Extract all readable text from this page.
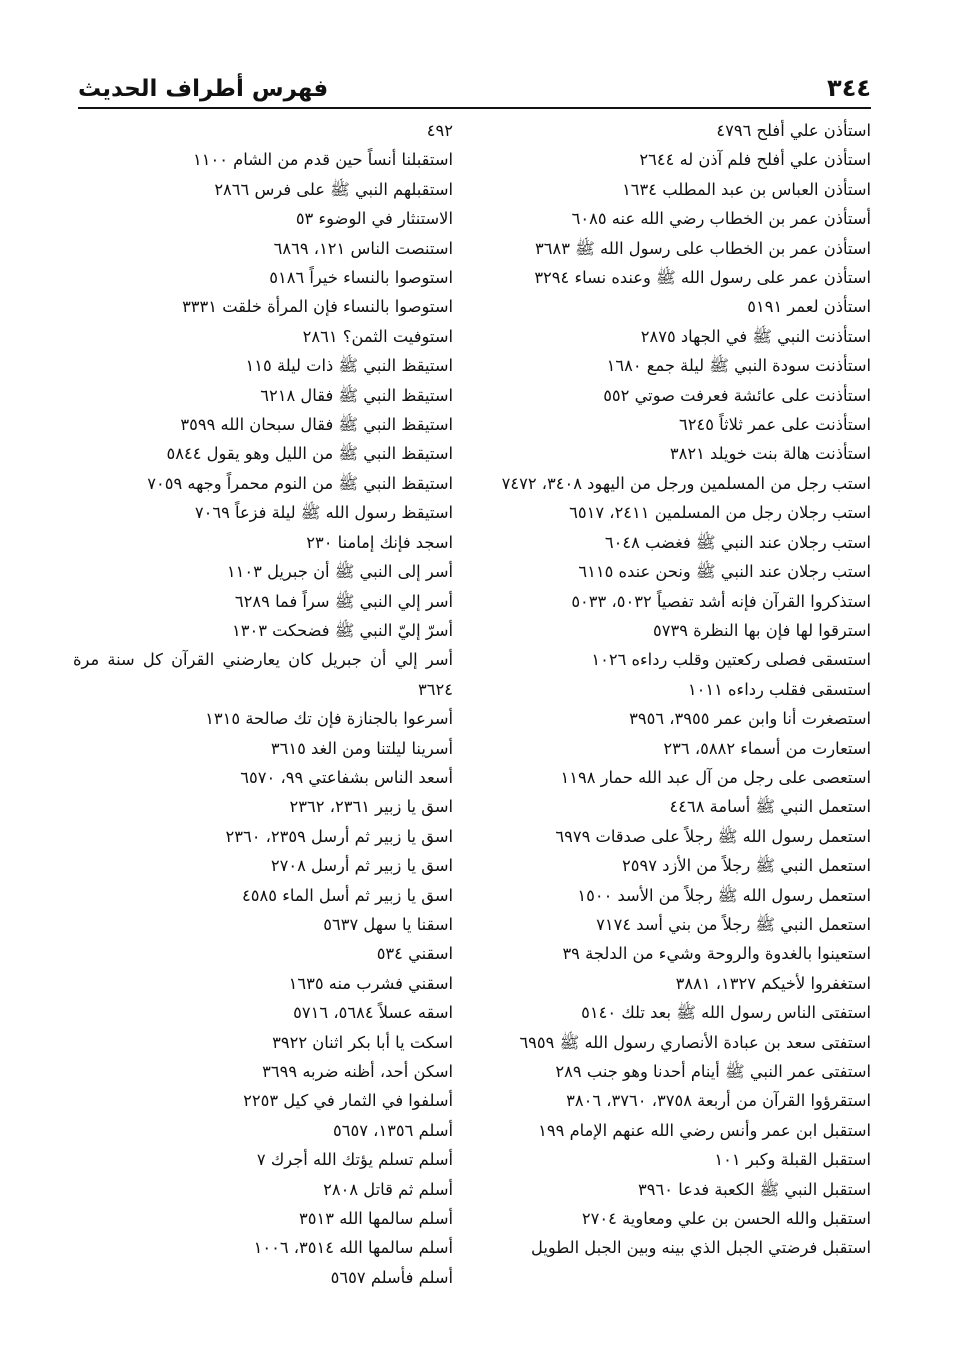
٣٤٤
فهرس أطراف الحديث
استأذن علي أفلح ٤٧٩٦
استأذن علي أفلح فلم آذن له ٢٦٤٤
استأذن العباس بن عبد المطلب ١٦٣٤
أستأذن عمر بن الخطاب رضي الله عنه ٦٠٨٥
استأذن عمر بن الخطاب على رسول الله ﷺ ٣٦٨٣
استأذن عمر على رسول الله ﷺ وعنده نساء ٣٢٩٤
استأذن لعمر ٥١٩١
استأذنت النبي ﷺ في الجهاد ٢٨٧٥
استأذنت سودة النبي ﷺ ليلة جمع ١٦٨٠
استأذنت على عائشة فعرفت صوتي ٥٥٢
استأذنت على عمر ثلاثاً ٦٢٤٥
استأذنت هالة بنت خويلد ٣٨٢١
استب رجل من المسلمين ورجل من اليهود ٣٤٠٨، ٧٤٧٢
استب رجلان رجل من المسلمين ٢٤١١، ٦٥١٧
استب رجلان عند النبي ﷺ فغضب ٦٠٤٨
استب رجلان عند النبي ﷺ ونحن عنده ٦١١٥
استذكروا القرآن فإنه أشد تفصياً ٥٠٣٢، ٥٠٣٣
استرقوا لها فإن بها النظرة ٥٧٣٩
استسقى فصلى ركعتين وقلب رداءه ١٠٢٦
استسقى فقلب رداءه ١٠١١
استصغرت أنا وابن عمر ٣٩٥٥، ٣٩٥٦
استعارت من أسماء ٥٨٨٢، ٢٣٦
استعصى على رجل من آل عبد الله حمار ١١٩٨
استعمل النبي ﷺ أسامة ٤٤٦٨
استعمل رسول الله ﷺ رجلاً على صدقات ٦٩٧٩
استعمل النبي ﷺ رجلاً من الأزد ٢٥٩٧
استعمل رسول الله ﷺ رجلاً من الأسد ١٥٠٠
استعمل النبي ﷺ رجلاً من بني أسد ٧١٧٤
استعينوا بالغدوة والروحة وشيء من الدلجة ٣٩
استغفروا لأخيكم ١٣٢٧، ٣٨٨١
استفتى الناس رسول الله ﷺ بعد تلك ٥١٤٠
استفتى سعد بن عبادة الأنصاري رسول الله ﷺ ٦٩٥٩
استفتى عمر النبي ﷺ أينام أحدنا وهو جنب ٢٨٩
استقرؤوا القرآن من أربعة ٣٧٥٨، ٣٧٦٠، ٣٨٠٦
استقبل ابن عمر وأنس رضي الله عنهم الإمام ١٩٩
استقبل القبلة وكبر ١٠١
استقبل النبي ﷺ الكعبة فدعا ٣٩٦٠
استقبل والله الحسن بن علي ومعاوية ٢٧٠٤
استقبل فرضتي الجبل الذي بينه وبين الجبل الطويل
٤٩٢
استقبلنا أنساً حين قدم من الشام ١١٠٠
استقبلهم النبي ﷺ على فرس ٢٨٦٦
الاستنثار في الوضوء ٥٣
استنصت الناس ١٢١، ٦٨٦٩
استوصوا بالنساء خيراً ٥١٨٦
استوصوا بالنساء فإن المرأة خلقت ٣٣٣١
استوفيت الثمن؟ ٢٨٦١
استيقظ النبي ﷺ ذات ليلة ١١٥
استيقظ النبي ﷺ فقال ٦٢١٨
استيقظ النبي ﷺ فقال سبحان الله ٣٥٩٩
استيقظ النبي ﷺ من الليل وهو يقول ٥٨٤٤
استيقظ النبي ﷺ من النوم محمراً وجهه ٧٠٥٩
استيقظ رسول الله ﷺ ليلة فزعاً ٧٠٦٩
اسجد فإنك إمامنا ٢٣٠
أسر إلى النبي ﷺ أن جبريل ١١٠٣
أسر إلي النبي ﷺ سراً فما ٦٢٨٩
أسرّ إليّ النبي ﷺ فضحكت ١٣٠٣
أسر إلي أن جبريل كان يعارضني القرآن كل سنة مرة ٣٦٢٤
أسرعوا بالجنازة فإن تك صالحة ١٣١٥
أسرينا ليلتنا ومن الغد ٣٦١٥
أسعد الناس بشفاعتي ٩٩، ٦٥٧٠
اسق يا زبير ٢٣٦١، ٢٣٦٢
اسق يا زبير ثم أرسل ٢٣٥٩، ٢٣٦٠
اسق يا زبير ثم أرسل ٢٧٠٨
اسق يا زبير ثم أسل الماء ٤٥٨٥
اسقنا يا سهل ٥٦٣٧
اسقني ٥٣٤
اسقني فشرب منه ١٦٣٥
اسقه عسلاً ٥٦٨٤، ٥٧١٦
اسكت يا أبا بكر اثنان ٣٩٢٢
اسكن أحد، أظنه ضربه ٣٦٩٩
أسلفوا في الثمار في كيل ٢٢٥٣
أسلم ١٣٥٦، ٥٦٥٧
أسلم تسلم يؤتك الله أجرك ٧
أسلم ثم قاتل ٢٨٠٨
أسلم سالمها الله ٣٥١٣
أسلم سالمها الله ٣٥١٤، ١٠٠٦
أسلم فأسلم ٥٦٥٧
